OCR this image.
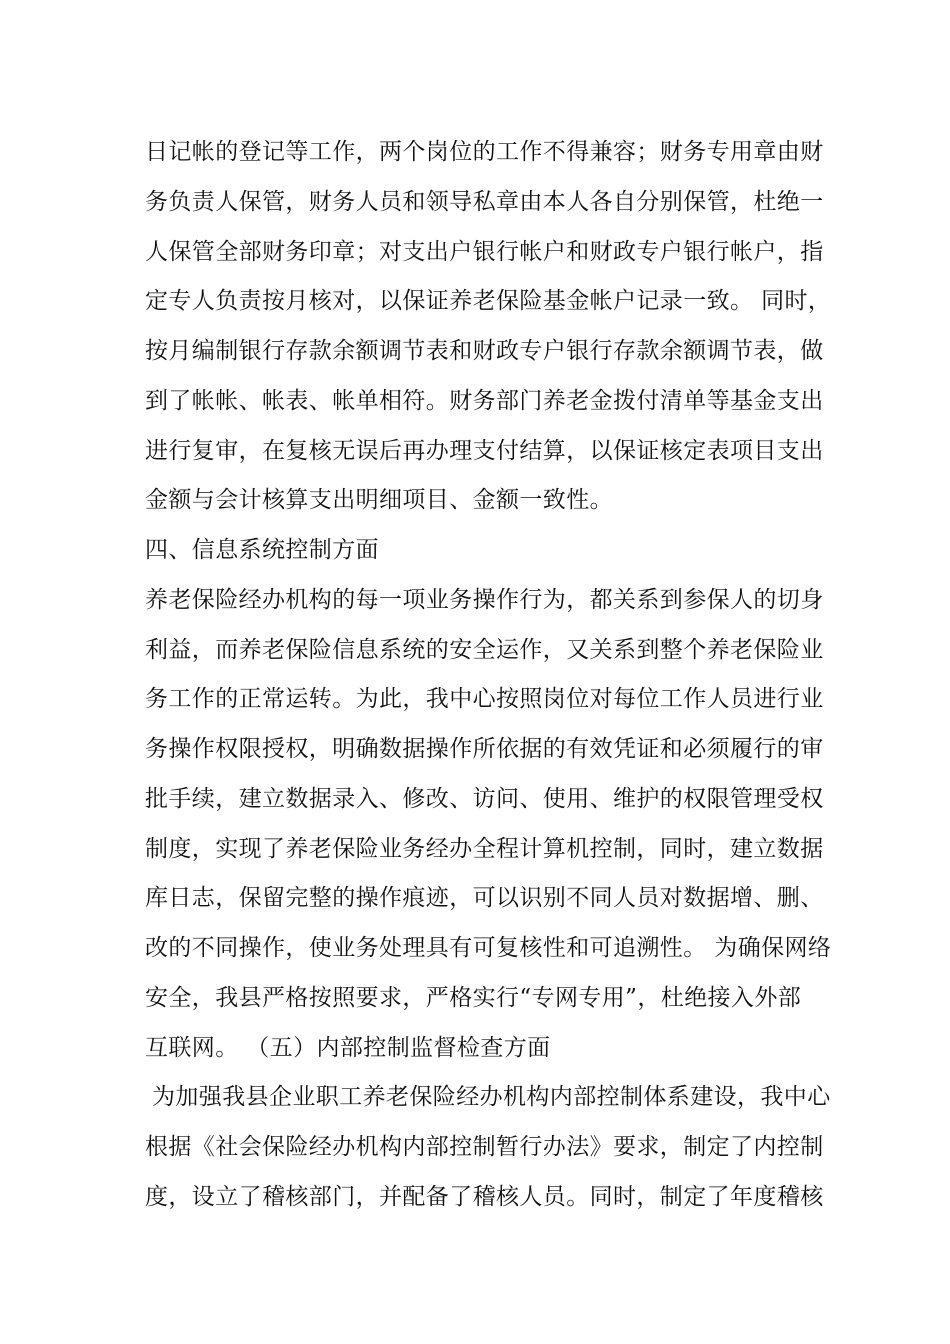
日记帐的登记等工作，两个岗位的工作不得兼容；财务专用章由财
务负责人保管，财务人员和领导私章由本人各自分别保管，杜绝一
人保管全部财务印章；对支出户银行帐户和财政专户银行帐户，指
定专人负责按月核对，以保证养老保险基金帐户记录一致。 同时，
按月编制银行存款余额调节表和财政专户银行存款余额调节表，做
到了帐帐、帐表、帐单相符。财务部门养老金拨付清单等基金支出
进行复审，在复核无误后再办理支付结算，以保证核定表项目支出
金额与会计核算支出明细项目、金额一致性。
四、信息系统控制方面
养老保险经办机构的每一项业务操作行为，都关系到参保人的切身
利益，而养老保险信息系统的安全运作，又关系到整个养老保险业
务工作的正常运转。为此，我中心按照岗位对每位工作人员进行业
务操作权限授权，明确数据操作所依据的有效凭证和必须履行的审
批手续，建立数据录入、修改、访问、使用、维护的权限管理受权
制度，实现了养老保险业务经办全程计算机控制，同时，建立数据
库日志，保留完整的操作痕迹，可以识别不同人员对数据增、删、
改的不同操作，使业务处理具有可复核性和可追溯性。 为确保网络
安全，我县严格按照要求，严格实行“专网专用”，杜绝接入外部
互联网。 （五）内部控制监督检查方面
为加强我县企业职工养老保险经办机构内部控制体系建设，我中心
根据《社会保险经办机构内部控制暂行办法》要求，制定了内控制
度，设立了稽核部门，并配备了稽核人员。同时，制定了年度稽核
